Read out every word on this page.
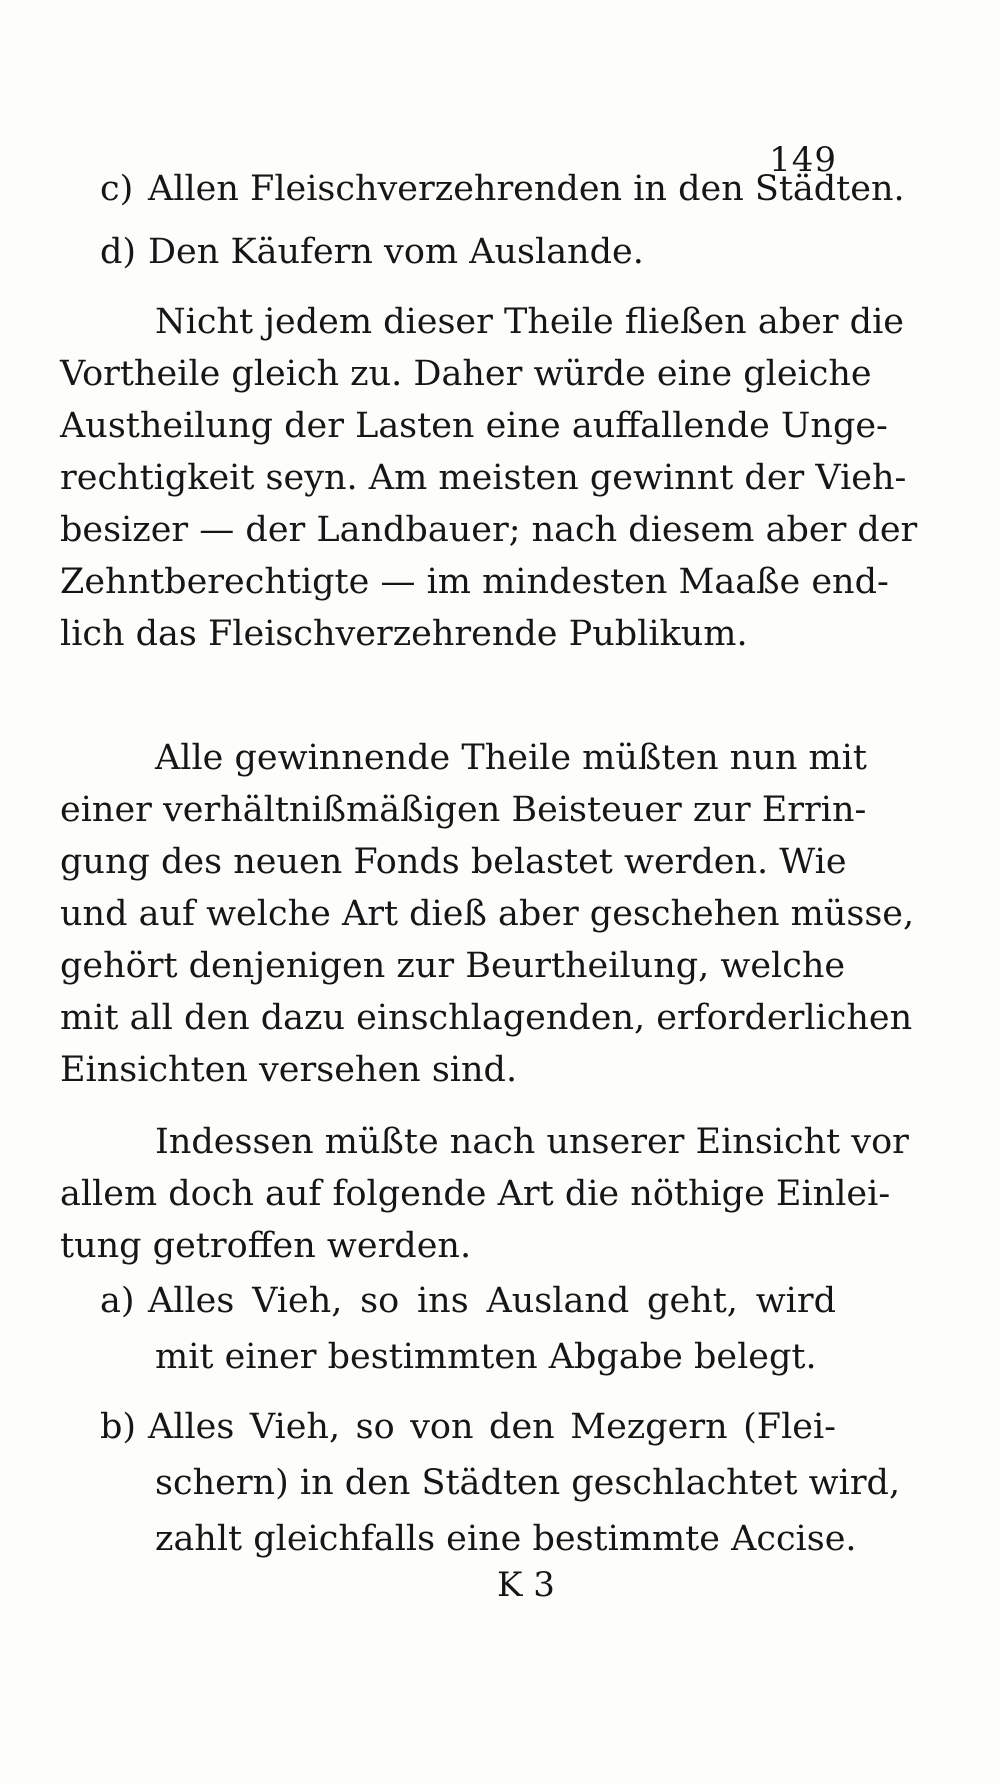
149
c) Allen Fleischverzehrenden in den Städten.
d) Den Käufern vom Auslande.
Nicht jedem dieser Theile fließen aber die
Vortheile gleich zu. Daher würde eine gleiche
Austheilung der Lasten eine auffallende Unge-
rechtigkeit seyn. Am meisten gewinnt der Vieh-
besizer — der Landbauer; nach diesem aber der
Zehntberechtigte — im mindesten Maaße end-
lich das Fleischverzehrende Publikum.
Alle gewinnende Theile müßten nun mit
einer verhältnißmäßigen Beisteuer zur Errin-
gung des neuen Fonds belastet werden. Wie
und auf welche Art dieß aber geschehen müsse,
gehört denjenigen zur Beurtheilung, welche
mit all den dazu einschlagenden, erforderlichen
Einsichten versehen sind.
Indessen müßte nach unserer Einsicht vor
allem doch auf folgende Art die nöthige Einlei-
tung getroffen werden.
a) Alles Vieh, so ins Ausland geht, wird
mit einer bestimmten Abgabe belegt.
b) Alles Vieh, so von den Mezgern (Flei-
schern) in den Städten geschlachtet wird,
zahlt gleichfalls eine bestimmte Accise.
K 3
